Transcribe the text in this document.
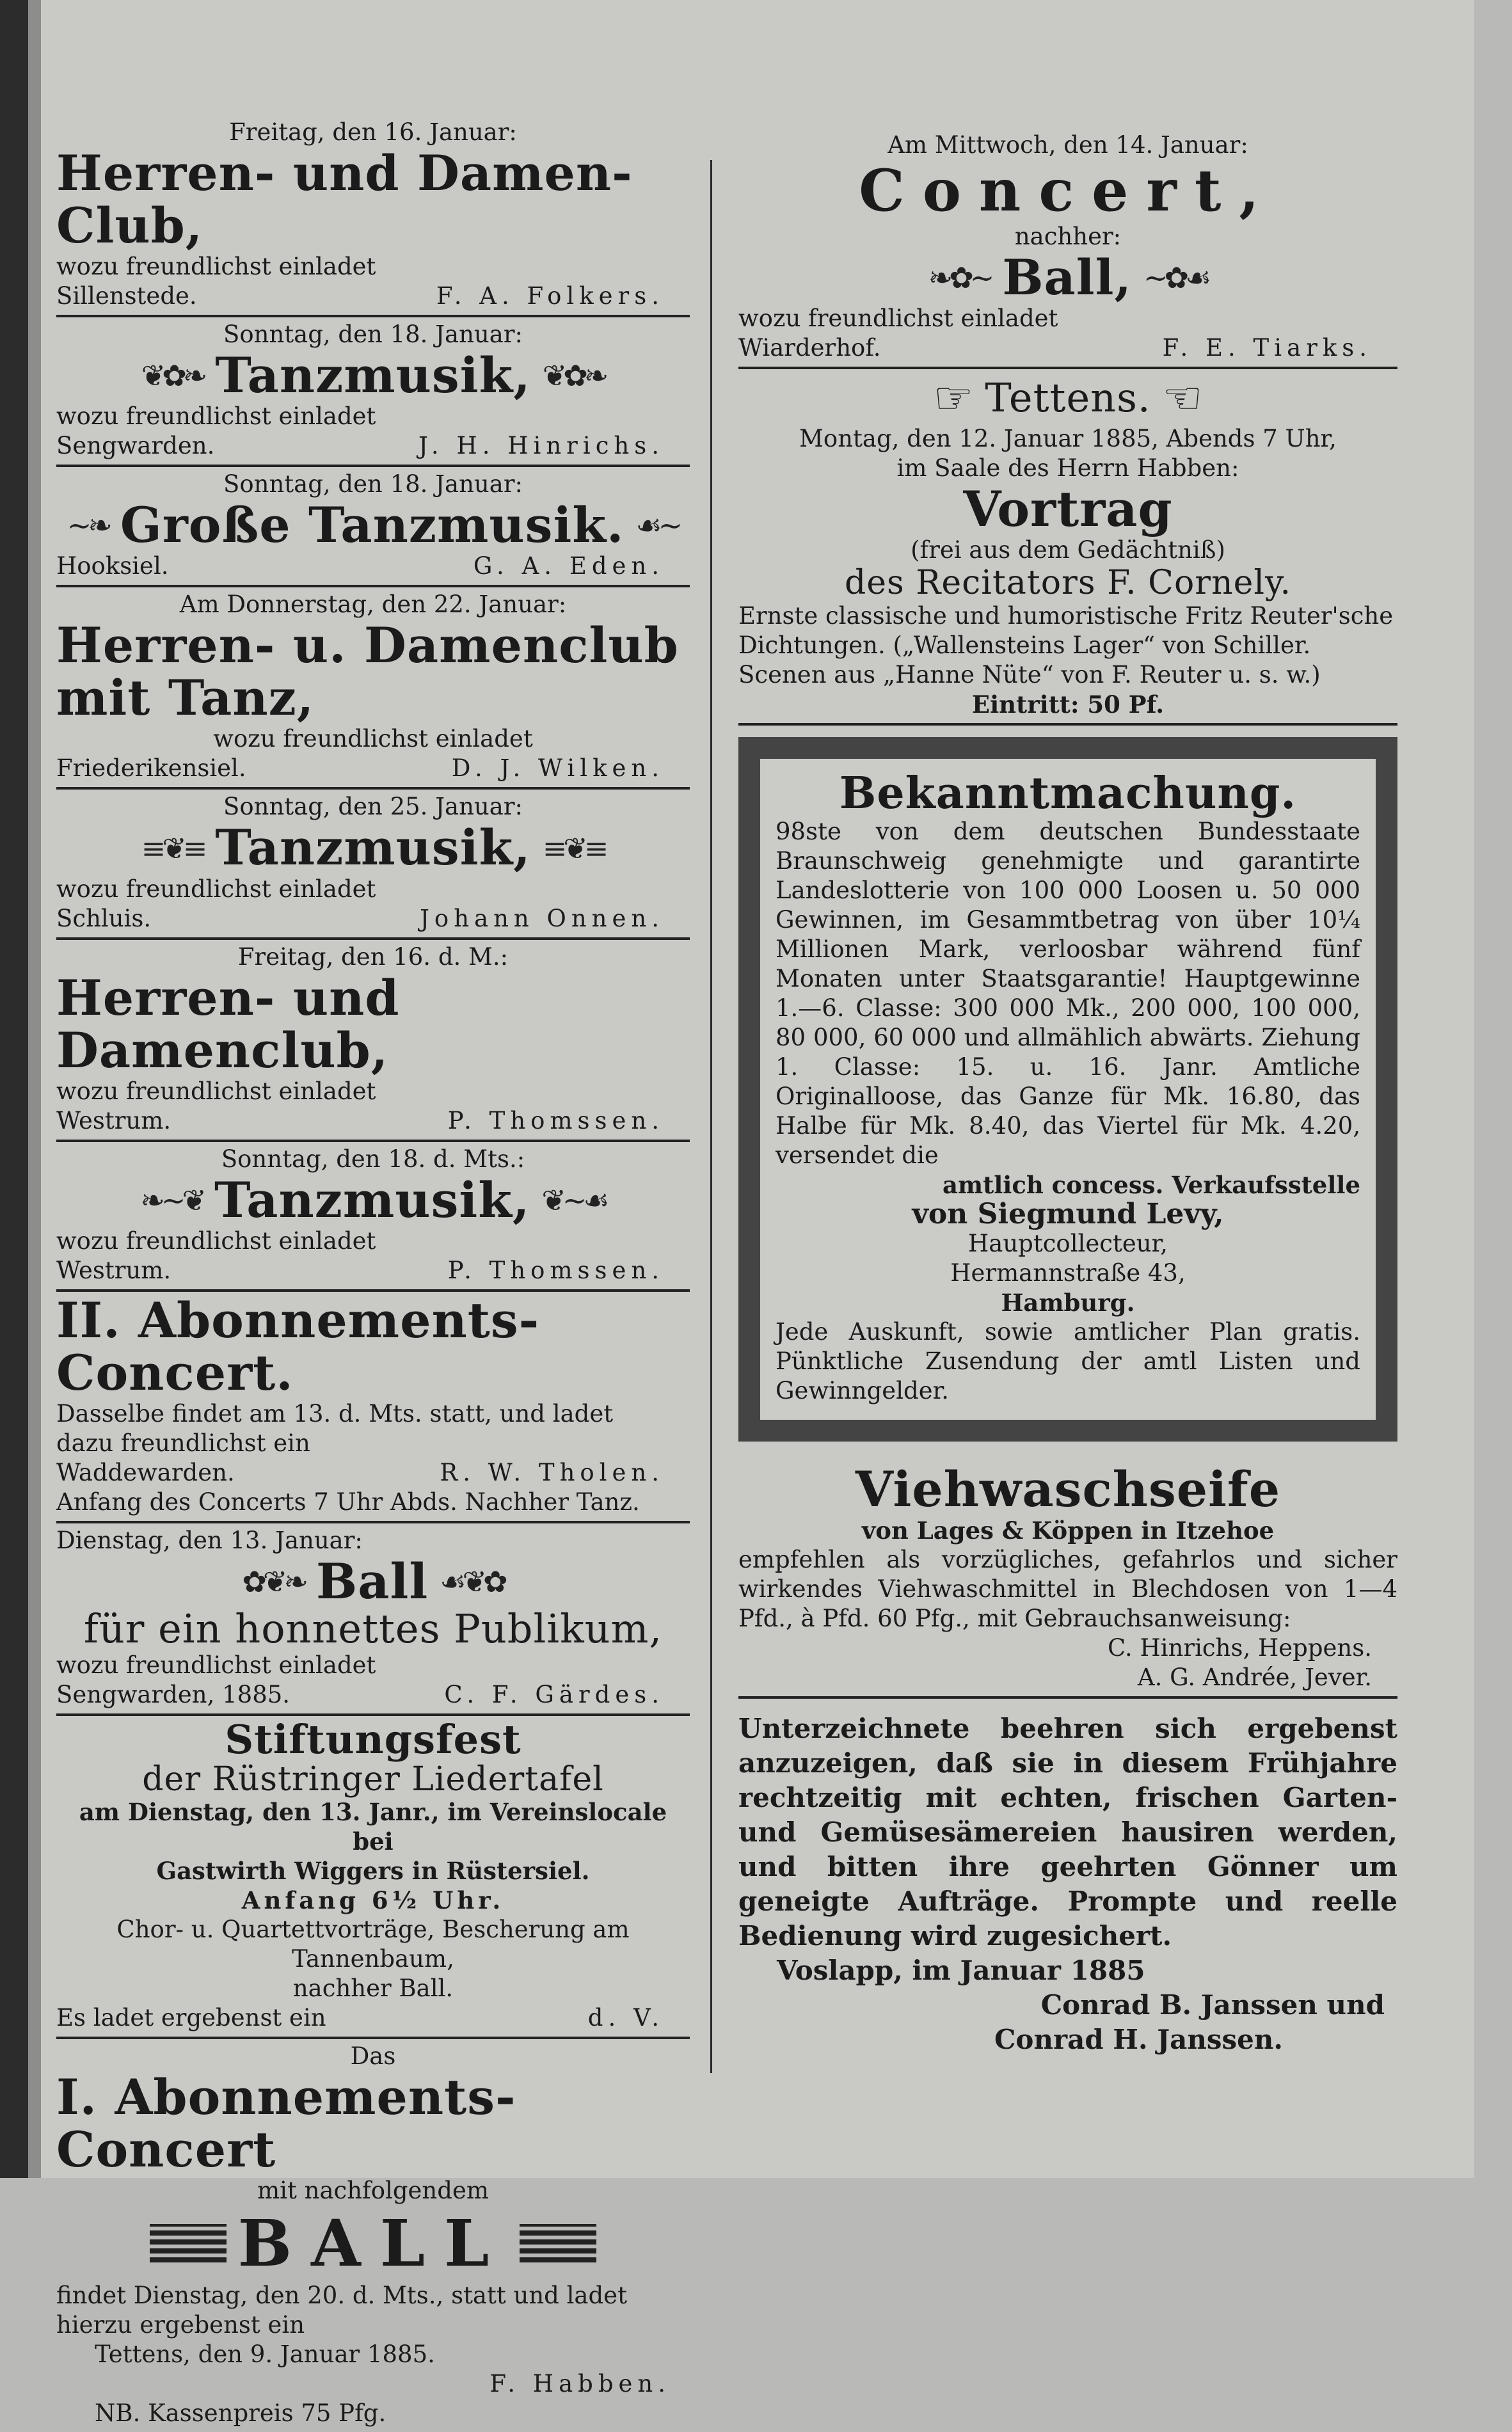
Freitag, den 16. Januar:
Herren- und Damen-Club,
wozu freundlichst einladet
Sillenstede.	F. A. Folkers.
Sonntag, den 18. Januar:
❦✿❧ Tanzmusik, ❦✿❧
wozu freundlichst einladet
Sengwarden.	J. H. Hinrichs.
Sonntag, den 18. Januar:
~❧ Große Tanzmusik. ☙~
Hooksiel.	G. A. Eden.
Am Donnerstag, den 22. Januar:
Herren- u. Damenclub mit Tanz,
wozu freundlichst einladet
Friederikensiel.	D. J. Wilken.
Sonntag, den 25. Januar:
≡❦≡ Tanzmusik, ≡❦≡
wozu freundlichst einladet
Schluis.	Johann Onnen.
Freitag, den 16. d. M.:
Herren- und Damenclub,
wozu freundlichst einladet
Westrum.	P. Thomssen.
Sonntag, den 18. d. Mts.:
❧~❦ Tanzmusik, ❦~☙
wozu freundlichst einladet
Westrum.	P. Thomssen.
II. Abonnements-Concert.
Dasselbe findet am 13. d. Mts. statt, und ladet
dazu freundlichst ein
Waddewarden.	R. W. Tholen.
Anfang des Concerts 7 Uhr Abds. Nachher Tanz.
Dienstag, den 13. Januar:
✿❦❧ Ball ☙❦✿
für ein honnettes Publikum,
wozu freundlichst einladet
Sengwarden, 1885.	C. F. Gärdes.
Stiftungsfest
der Rüstringer Liedertafel
am Dienstag, den 13. Janr., im Vereinslocale bei
Gastwirth Wiggers in Rüstersiel.
Anfang 6½ Uhr.
Chor- u. Quartettvorträge, Bescherung am Tannenbaum,
nachher Ball.
Es ladet ergebenst ein	d. V.
Das
I. Abonnements-Concert
mit nachfolgendem
BALL
findet Dienstag, den 20. d. Mts., statt und ladet
hierzu ergebenst ein
Tettens, den 9. Januar 1885.
F. Habben.
NB. Kassenpreis 75 Pfg.
Am Mittwoch, den 14. Januar:
Concert,
nachher:
❧✿~ Ball, ~✿☙
wozu freundlichst einladet
Wiarderhof.	F. E. Tiarks.
☞ Tettens. ☜
Montag, den 12. Januar 1885, Abends 7 Uhr,
im Saale des Herrn Habben:
Vortrag
(frei aus dem Gedächtniß)
des Recitators F. Cornely.
Ernste classische und humoristische Fritz Reuter'sche
Dichtungen. („Wallensteins Lager“ von Schiller.
Scenen aus „Hanne Nüte“ von F. Reuter u. s. w.)
Eintritt: 50 Pf.
Bekanntmachung.
98ste von dem deutschen Bundesstaate Braunschweig genehmigte und garantirte Landeslotterie von 100 000 Loosen u. 50 000 Gewinnen, im Gesammtbetrag von über 10¼ Millionen Mark, verloosbar während fünf Monaten unter Staatsgarantie! Hauptgewinne 1.—6. Classe: 300 000 Mk., 200 000, 100 000, 80 000, 60 000 und allmählich abwärts. Ziehung 1. Classe: 15. u. 16. Janr. Amtliche Originalloose, das Ganze für Mk. 16.80, das Halbe für Mk. 8.40, das Viertel für Mk. 4.20, versendet die
amtlich concess. Verkaufsstelle
von Siegmund Levy,
Hauptcollecteur,
Hermannstraße 43,
Hamburg.
Jede Auskunft, sowie amtlicher Plan gratis. Pünktliche Zusendung der amtl Listen und Gewinngelder.
Viehwaschseife
von Lages & Köppen in Itzehoe
empfehlen als vorzügliches, gefahrlos und sicher wirkendes Viehwaschmittel in Blechdosen von 1—4 Pfd., à Pfd. 60 Pfg., mit Gebrauchsanweisung:
C. Hinrichs, Heppens.
A. G. Andrée, Jever.
Unterzeichnete beehren sich ergebenst anzuzeigen, daß sie in diesem Frühjahre rechtzeitig mit echten, frischen Garten- und Gemüsesämereien hausiren werden, und bitten ihre geehrten Gönner um geneigte Aufträge. Prompte und reelle Bedienung wird zugesichert.
Voslapp, im Januar 1885
Conrad B. Janssen und
Conrad H. Janssen.
